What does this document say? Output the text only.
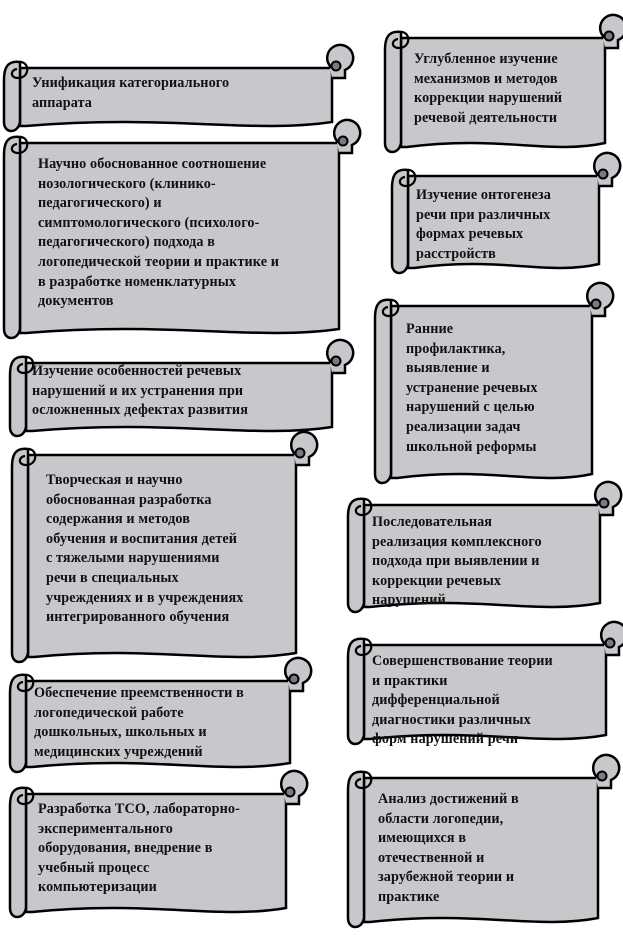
Унификация категориального
аппарата
Научно обоснованное соотношение
нозологического (клинико-
педагогического) и
симптомологического (психолого-
педагогического) подхода в
логопедической теории и практике и
в разработке номенклатурных
документов
Изучение особенностей речевых
нарушений и их устранения при
осложненных дефектах развития
Творческая и научно
обоснованная разработка
содержания и методов
обучения и воспитания детей
с тяжелыми нарушениями
речи в специальных
учреждениях и в учреждениях
интегрированного обучения
Обеспечение преемственности в
логопедической работе
дошкольных, школьных и
медицинских учреждений
Разработка ТСО, лабораторно-
экспериментального
оборудования, внедрение в
учебный процесс
компьютеризации
Углубленное изучение
механизмов и методов
коррекции нарушений
речевой деятельности
Изучение онтогенеза
речи при различных
формах речевых
расстройств
Ранние
профилактика,
выявление и
устранение речевых
нарушений с целью
реализации задач
школьной реформы
Последовательная
реализация комплексного
подхода при выявлении и
коррекции речевых
нарушений
Совершенствование теории
и практики
дифференциальной
диагностики различных
форм нарушений речи
Анализ достижений в
области логопедии,
имеющихся в
отечественной и
зарубежной теории и
практике
